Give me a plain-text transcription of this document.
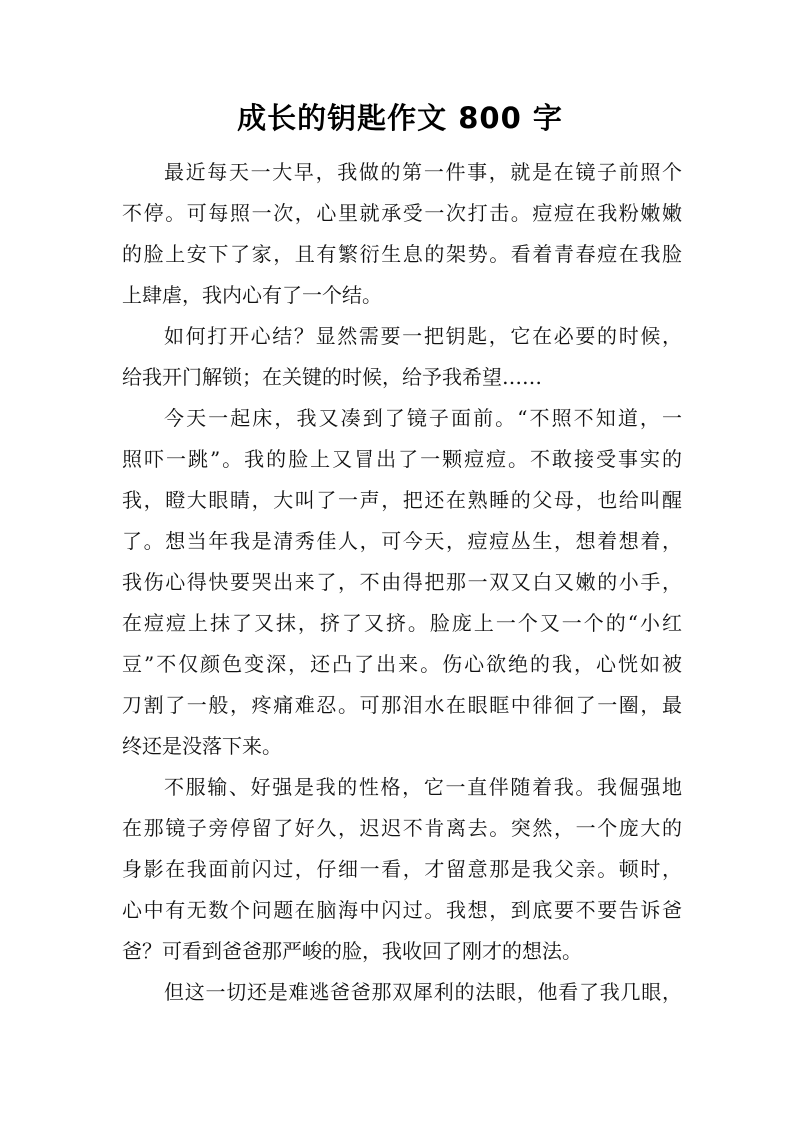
成长的钥匙作文 800 字
最近每天一大早，我做的第一件事，就是在镜子前照个
不停。可每照一次，心里就承受一次打击。痘痘在我粉嫩嫩
的脸上安下了家，且有繁衍生息的架势。看着青春痘在我脸
上肆虐，我内心有了一个结。
如何打开心结？显然需要一把钥匙，它在必要的时候，
给我开门解锁；在关键的时候，给予我希望……
今天一起床，我又凑到了镜子面前。“不照不知道，一
照吓一跳”。我的脸上又冒出了一颗痘痘。不敢接受事实的
我，瞪大眼睛，大叫了一声，把还在熟睡的父母，也给叫醒
了。想当年我是清秀佳人，可今天，痘痘丛生，想着想着，
我伤心得快要哭出来了，不由得把那一双又白又嫩的小手，
在痘痘上抹了又抹，挤了又挤。脸庞上一个又一个的“小红
豆”不仅颜色变深，还凸了出来。伤心欲绝的我，心恍如被
刀割了一般，疼痛难忍。可那泪水在眼眶中徘徊了一圈，最
终还是没落下来。
不服输、好强是我的性格，它一直伴随着我。我倔强地
在那镜子旁停留了好久，迟迟不肯离去。突然，一个庞大的
身影在我面前闪过，仔细一看，才留意那是我父亲。顿时，
心中有无数个问题在脑海中闪过。我想，到底要不要告诉爸
爸？可看到爸爸那严峻的脸，我收回了刚才的想法。
但这一切还是难逃爸爸那双犀利的法眼，他看了我几眼，
